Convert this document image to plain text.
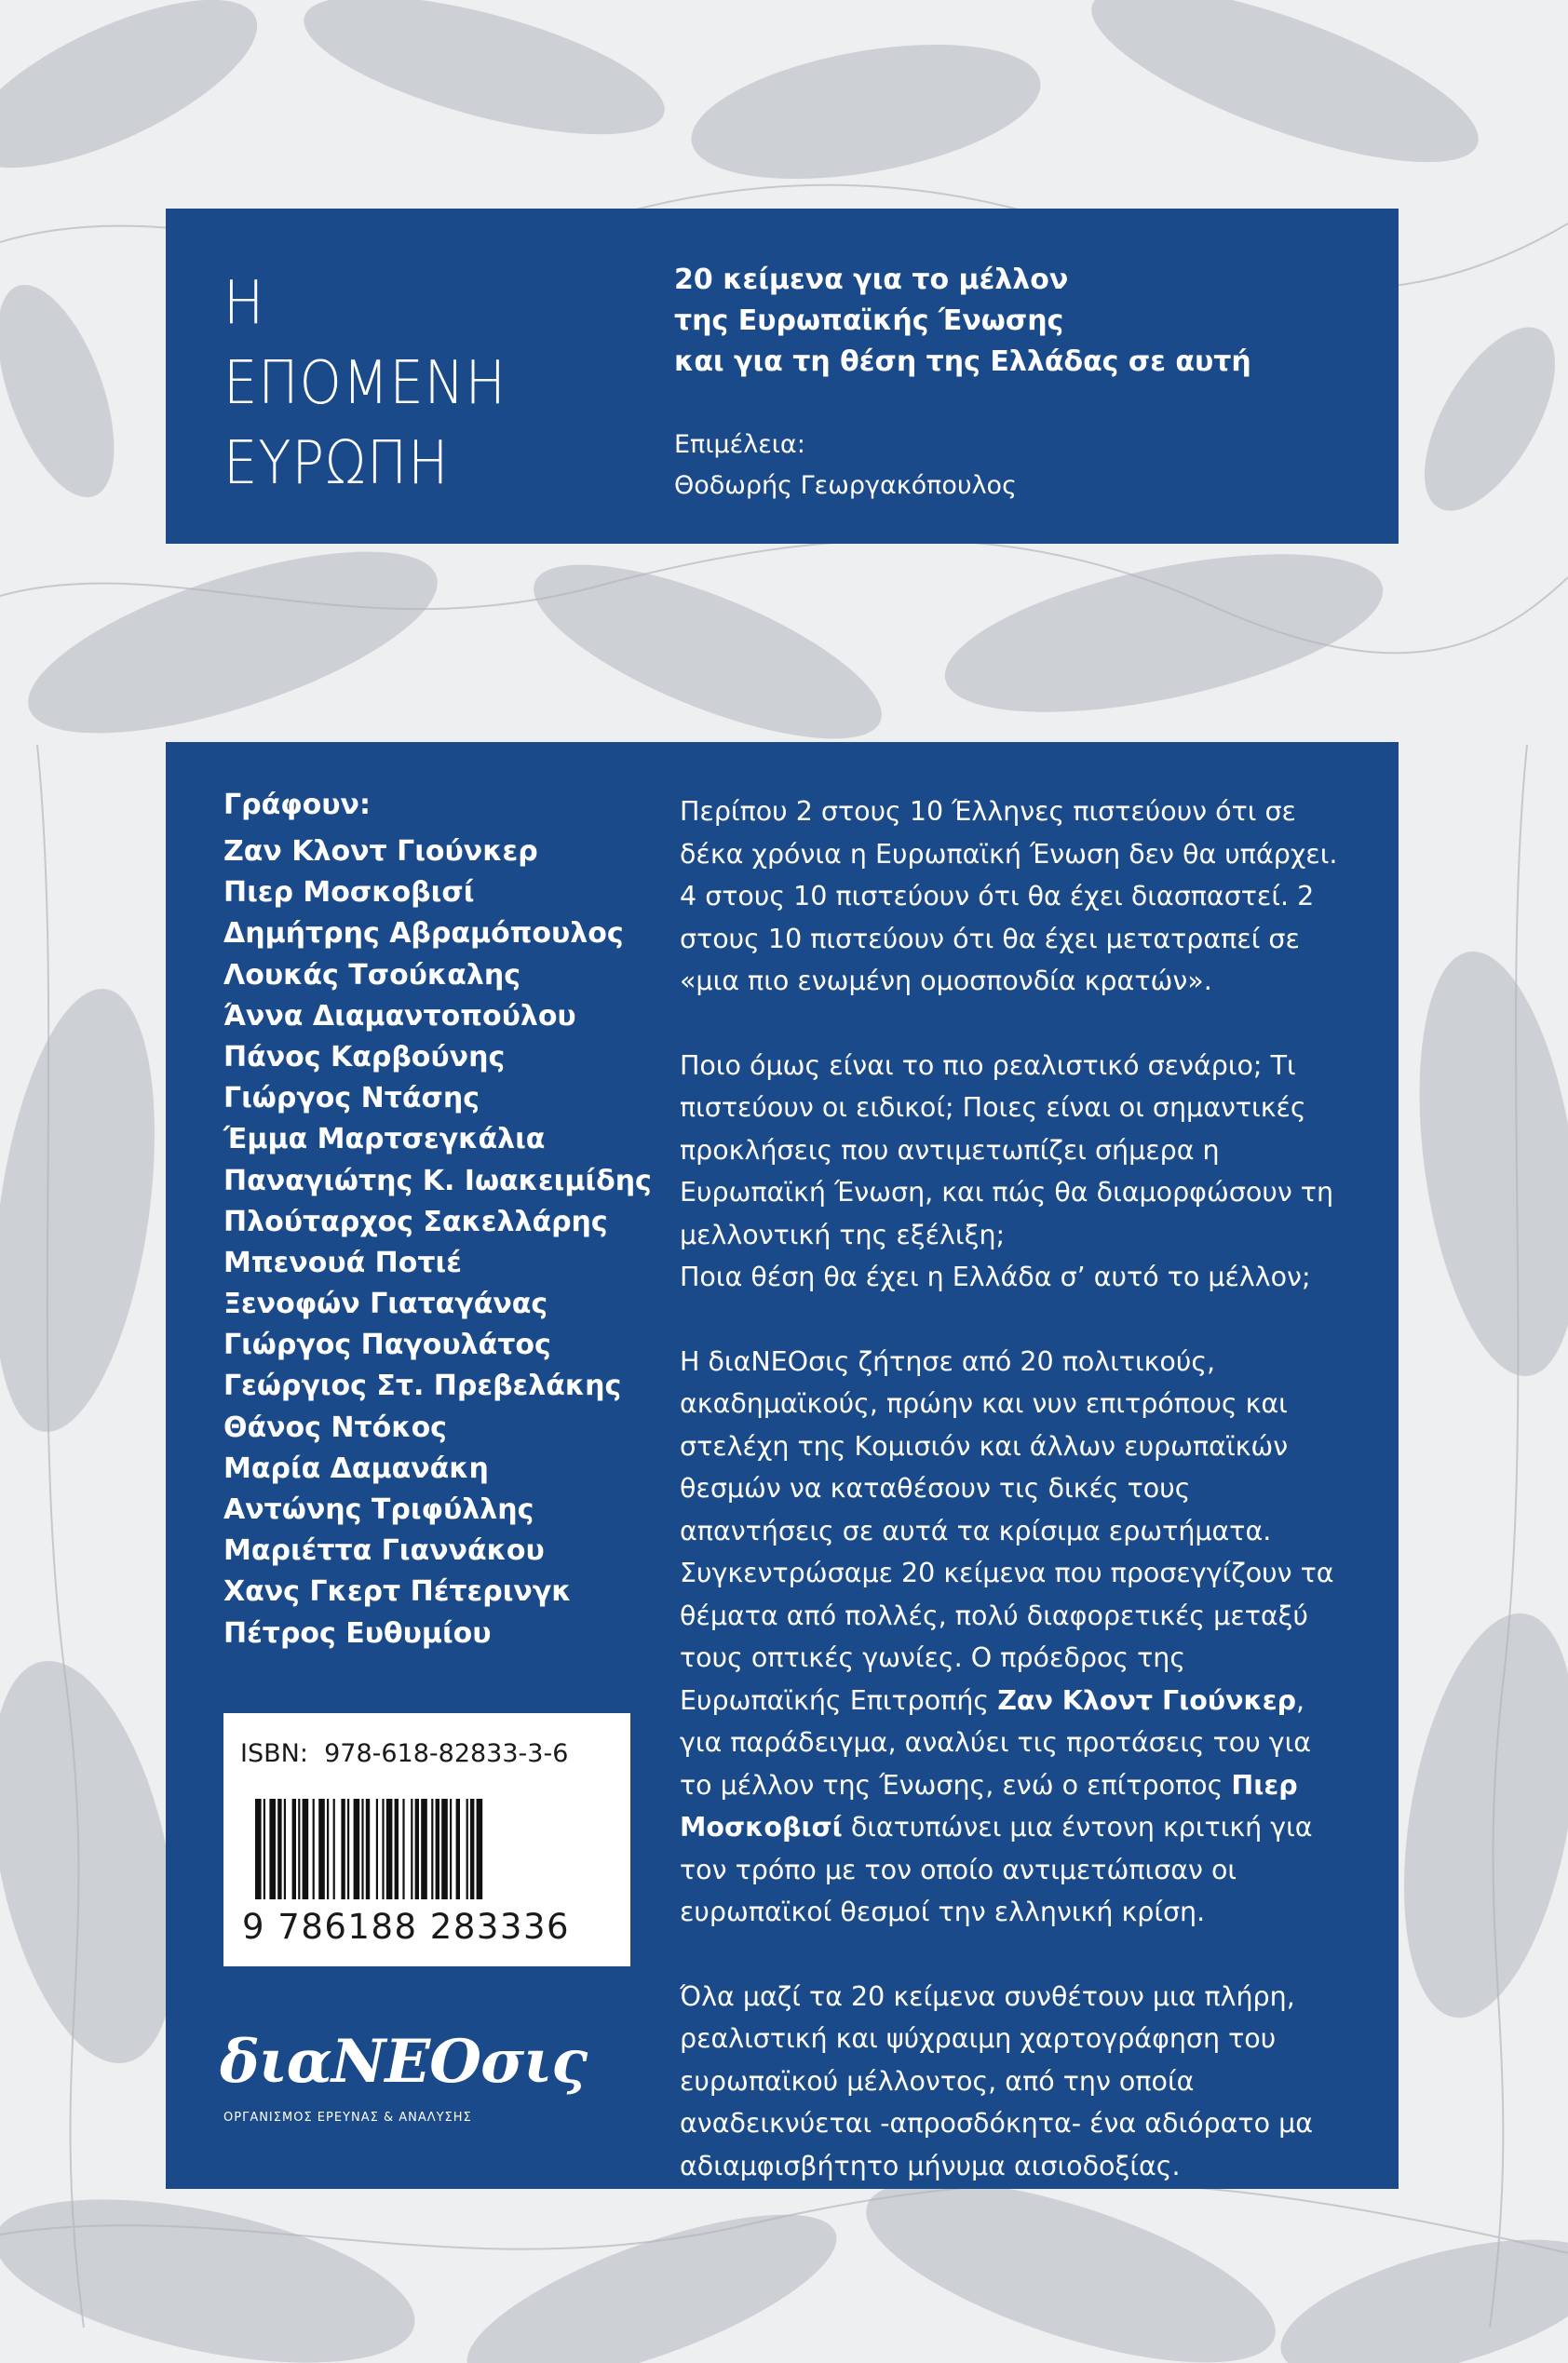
Η
ΕΠΟΜΕΝΗ
ΕΥΡΩΠΗ
20 κείμενα για το μέλλον
της Ευρωπαϊκής Ένωσης
και για τη θέση της Ελλάδας σε αυτή
Επιμέλεια:
Θοδωρής Γεωργακόπουλος
Γράφουν:
Ζαν Κλοντ Γιούνκερ
Πιερ Μοσκοβισί
Δημήτρης Αβραμόπουλος
Λουκάς Τσούκαλης
Άννα Διαμαντοπούλου
Πάνος Καρβούνης
Γιώργος Ντάσης
Έμμα Μαρτσεγκάλια
Παναγιώτης Κ. Ιωακειμίδης
Πλούταρχος Σακελλάρης
Μπενουά Ποτιέ
Ξενοφών Γιαταγάνας
Γιώργος Παγουλάτος
Γεώργιος Στ. Πρεβελάκης
Θάνος Ντόκος
Μαρία Δαμανάκη
Αντώνης Τριφύλλης
Μαριέττα Γιαννάκου
Χανς Γκερτ Πέτερινγκ
Πέτρος Ευθυμίου
ISBN: 978-618-82833-3-6
9 786188 283336
διαΝΕΟσις
ΟΡΓΑΝΙΣΜΟΣ ΕΡΕΥΝΑΣ & ΑΝΑΛΥΣΗΣ

Περίπου 2 στους 10 Έλληνες πιστεύουν ότι σε δέκα χρόνια η Ευρωπαϊκή Ένωση δεν θα υπάρχει. 4 στους 10 πιστεύουν ότι θα έχει διασπαστεί. 2 στους 10 πιστεύουν ότι θα έχει μετατραπεί σε «μια πιο ενωμένη ομοσπονδία κρατών».

Ποιο όμως είναι το πιο ρεαλιστικό σενάριο; Τι πιστεύουν οι ειδικοί; Ποιες είναι οι σημαντικές προκλήσεις που αντιμετωπίζει σήμερα η Ευρωπαϊκή Ένωση, και πώς θα διαμορφώσουν τη μελλοντική της εξέλιξη;
Ποια θέση θα έχει η Ελλάδα σ’ αυτό το μέλλον;

Η διαΝΕΟσις ζήτησε από 20 πολιτικούς, ακαδημαϊκούς, πρώην και νυν επιτρόπους και στελέχη της Κομισιόν και άλλων ευρωπαϊκών θεσμών να καταθέσουν τις δικές τους απαντήσεις σε αυτά τα κρίσιμα ερωτήματα. Συγκεντρώσαμε 20 κείμενα που προσεγγίζουν τα θέματα από πολλές, πολύ διαφορετικές μεταξύ τους οπτικές γωνίες. Ο πρόεδρος της Ευρωπαϊκής Επιτροπής Ζαν Κλοντ Γιούνκερ, για παράδειγμα, αναλύει τις προτάσεις του για το μέλλον της Ένωσης, ενώ ο επίτροπος Πιερ Μοσκοβισί διατυπώνει μια έντονη κριτική για τον τρόπο με τον οποίο αντιμετώπισαν οι ευρωπαϊκοί θεσμοί την ελληνική κρίση.

Όλα μαζί τα 20 κείμενα συνθέτουν μια πλήρη, ρεαλιστική και ψύχραιμη χαρτογράφηση του ευρωπαϊκού μέλλοντος, από την οποία αναδεικνύεται -απροσδόκητα- ένα αδιόρατο μα αδιαμφισβήτητο μήνυμα αισιοδοξίας.
